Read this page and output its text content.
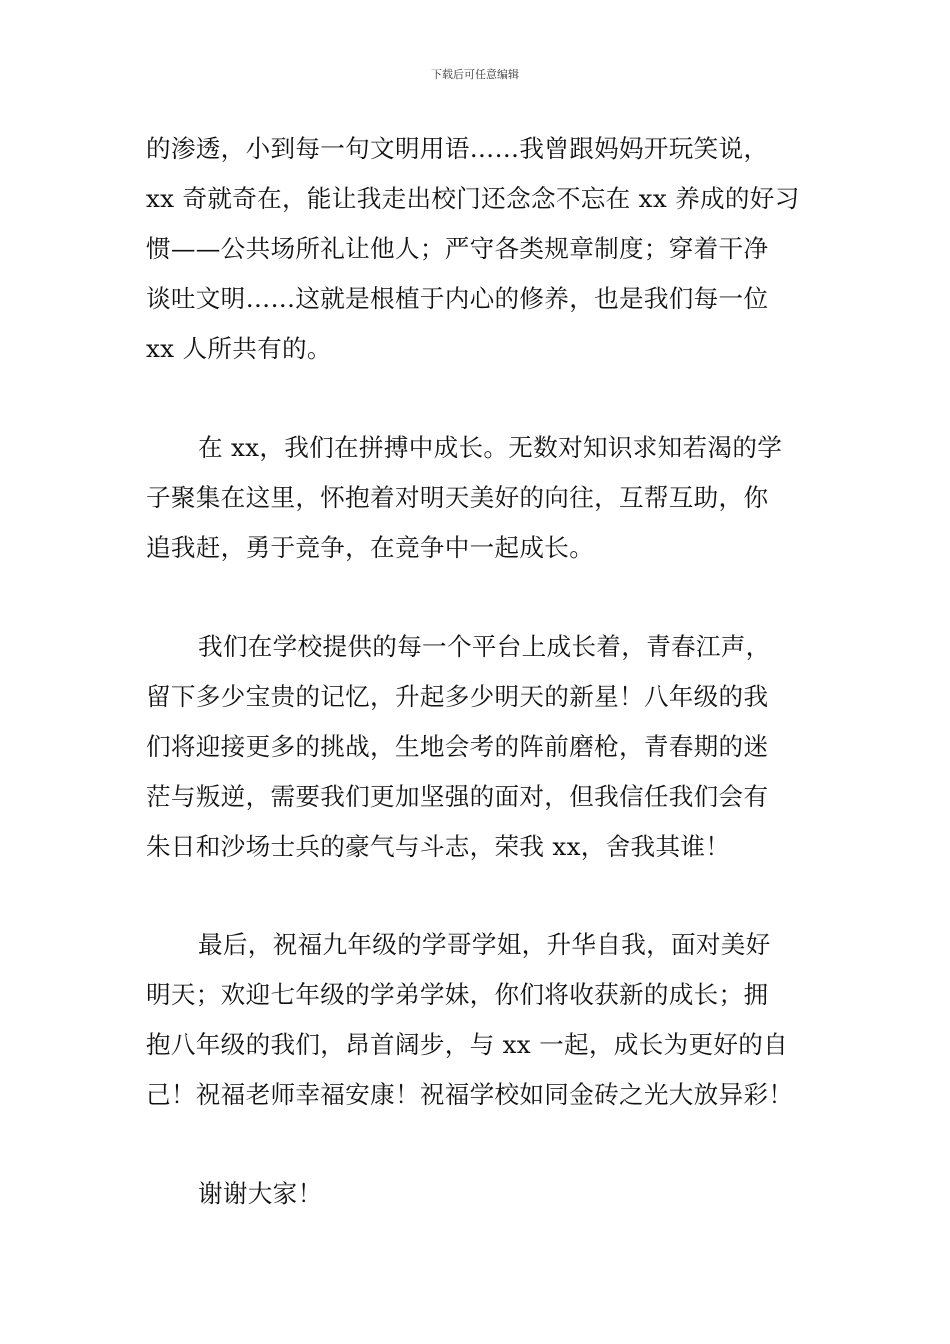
下载后可任意编辑
的渗透，小到每一句文明用语……我曾跟妈妈开玩笑说，
xx 奇就奇在，能让我走出校门还念念不忘在 xx 养成的好习
惯——公共场所礼让他人；严守各类规章制度；穿着干净
谈吐文明……这就是根植于内心的修养，也是我们每一位
xx 人所共有的。
在 xx，我们在拼搏中成长。无数对知识求知若渴的学
子聚集在这里，怀抱着对明天美好的向往，互帮互助，你
追我赶，勇于竞争，在竞争中一起成长。
我们在学校提供的每一个平台上成长着，青春江声，
留下多少宝贵的记忆，升起多少明天的新星！八年级的我
们将迎接更多的挑战，生地会考的阵前磨枪，青春期的迷
茫与叛逆，需要我们更加坚强的面对，但我信任我们会有
朱日和沙场士兵的豪气与斗志，荣我 xx，舍我其谁！
最后，祝福九年级的学哥学姐，升华自我，面对美好
明天；欢迎七年级的学弟学妹，你们将收获新的成长；拥
抱八年级的我们，昂首阔步，与 xx 一起，成长为更好的自
己！祝福老师幸福安康！祝福学校如同金砖之光大放异彩！
谢谢大家！
